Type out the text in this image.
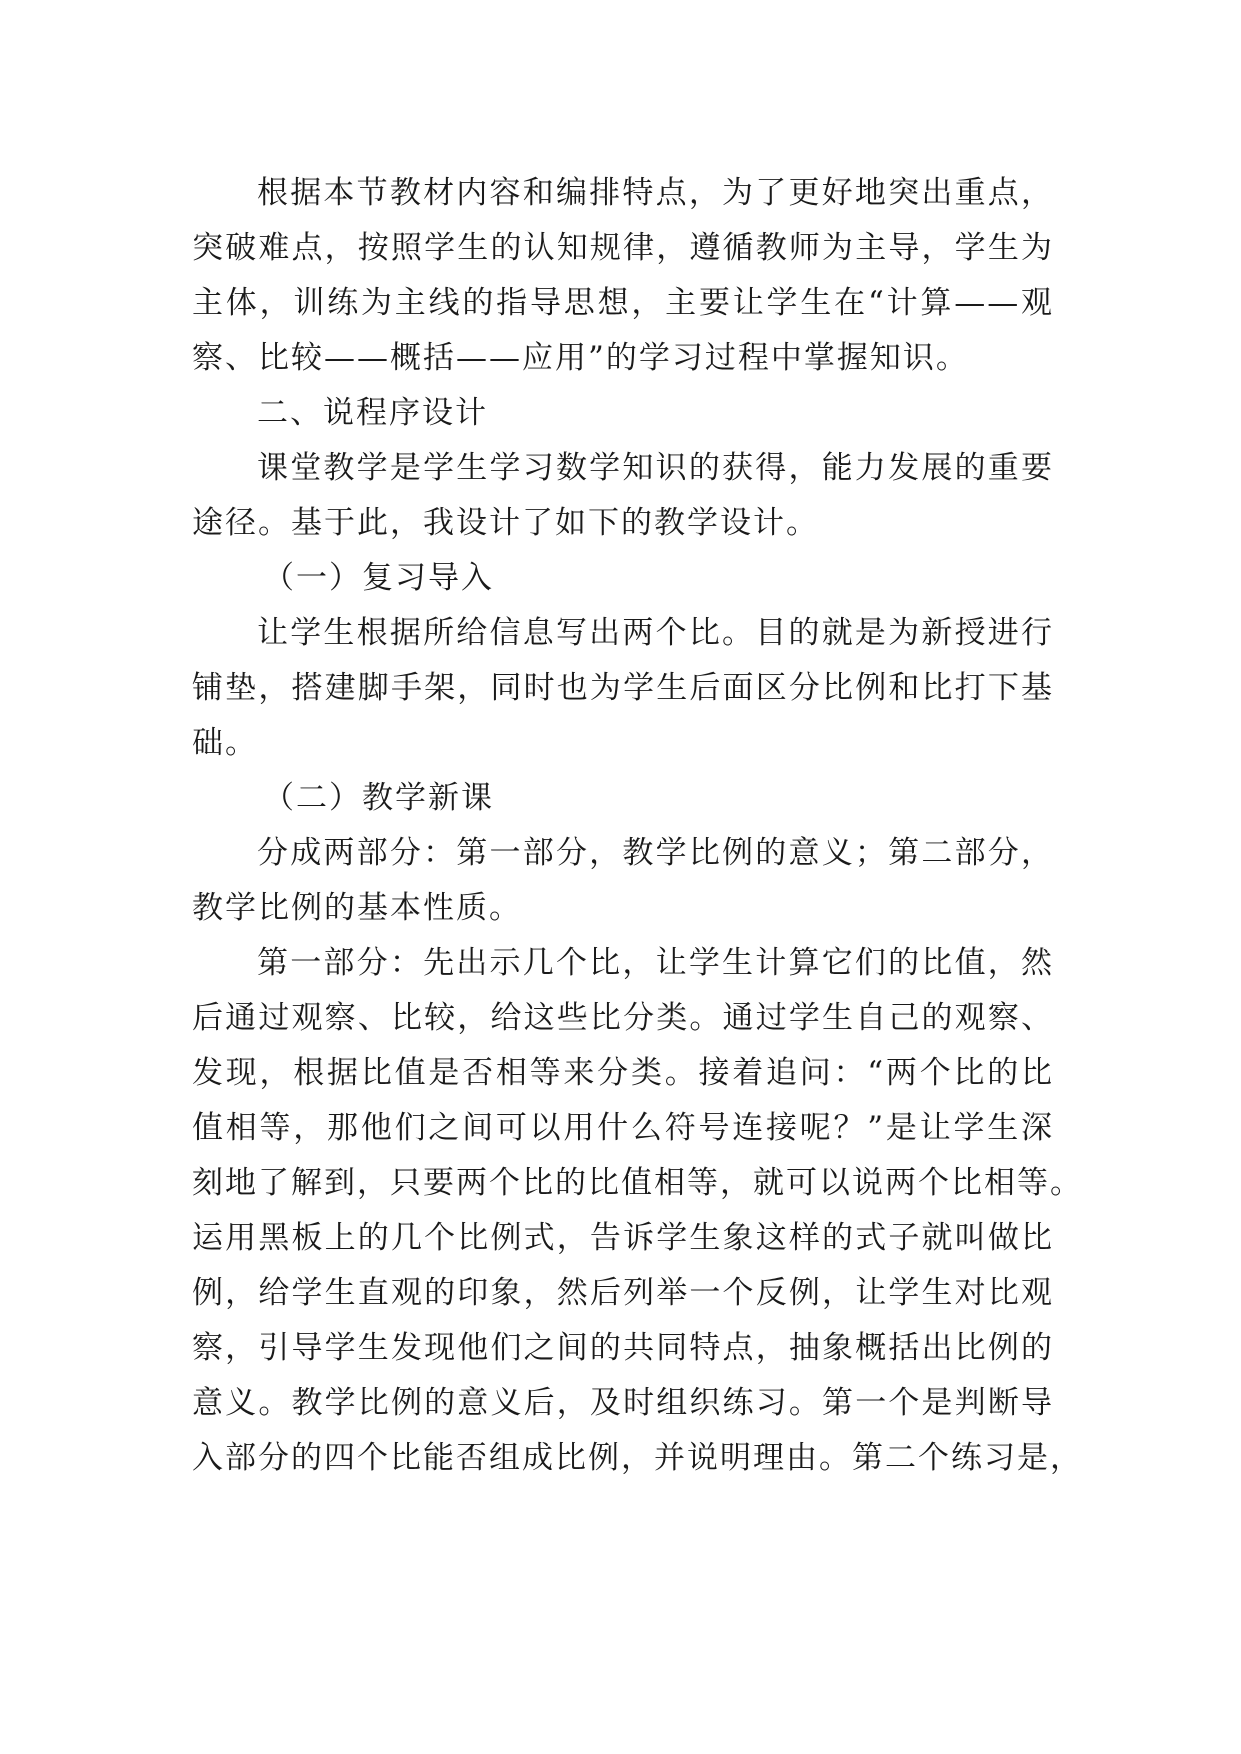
根据本节教材内容和编排特点，为了更好地突出重点，
突破难点，按照学生的认知规律，遵循教师为主导，学生为
主体，训练为主线的指导思想，主要让学生在“计算——观
察、比较——概括——应用”的学习过程中掌握知识。
二、说程序设计
课堂教学是学生学习数学知识的获得，能力发展的重要
途径。基于此，我设计了如下的教学设计。
（一）复习导入
让学生根据所给信息写出两个比。目的就是为新授进行
铺垫，搭建脚手架，同时也为学生后面区分比例和比打下基
础。
（二）教学新课
分成两部分：第一部分，教学比例的意义；第二部分，
教学比例的基本性质。
第一部分：先出示几个比，让学生计算它们的比值，然
后通过观察、比较，给这些比分类。通过学生自己的观察、
发现，根据比值是否相等来分类。接着追问：“两个比的比
值相等，那他们之间可以用什么符号连接呢？”是让学生深
刻地了解到，只要两个比的比值相等，就可以说两个比相等。
运用黑板上的几个比例式，告诉学生象这样的式子就叫做比
例，给学生直观的印象，然后列举一个反例，让学生对比观
察，引导学生发现他们之间的共同特点，抽象概括出比例的
意义。教学比例的意义后，及时组织练习。第一个是判断导
入部分的四个比能否组成比例，并说明理由。第二个练习是，
